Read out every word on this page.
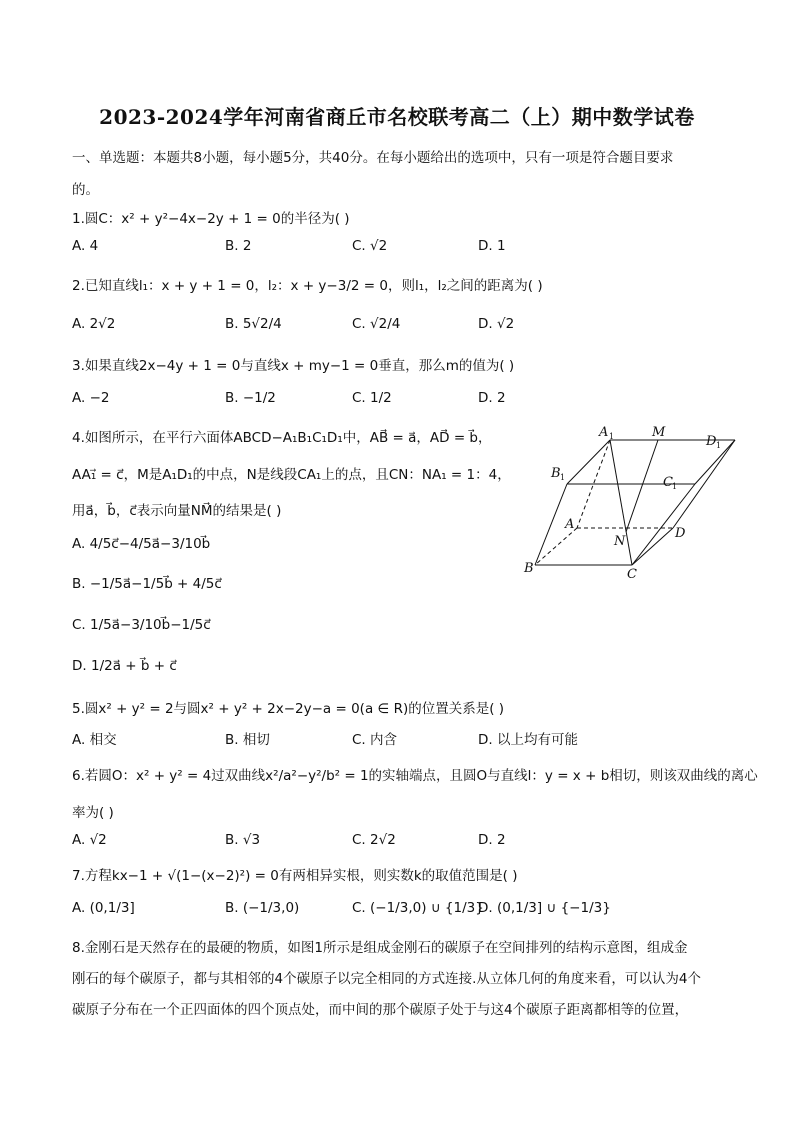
2023-2024学年河南省商丘市名校联考高二（上）期中数学试卷
一、单选题：本题共8小题，每小题5分，共40分。在每小题给出的选项中，只有一项是符合题目要求
的。
1.圆C：x² + y²−4x−2y + 1 = 0的半径为( )
A. 4	B. 2	C. √2	D. 1
2.已知直线l₁：x + y + 1 = 0，l₂：x + y−3/2 = 0，则l₁，l₂之间的距离为( )
A. 2√2	B. 5√2/4	C. √2/4	D. √2
3.如果直线2x−4y + 1 = 0与直线x + my−1 = 0垂直，那么m的值为( )
A. −2	B. −1/2	C. 1/2	D. 2
4.如图所示，在平行六面体ABCD−A₁B₁C₁D₁中，AB⃗ = a⃗，AD⃗ = b⃗，
AA₁⃗ = c⃗，M是A₁D₁的中点，N是线段CA₁上的点，且CN：NA₁ = 1：4，
用a⃗，b⃗，c⃗表示向量NM⃗的结果是( )
A. 4/5c⃗−4/5a⃗−3/10b⃗
B. −1/5a⃗−1/5b⃗ + 4/5c⃗
C. 1/5a⃗−3/10b⃗−1/5c⃗
D. 1/2a⃗ + b⃗ + c⃗
A 1	M
D 1
B 1	C 1
A
D
N
B	C
5.圆x² + y² = 2与圆x² + y² + 2x−2y−a = 0(a ∈ R)的位置关系是( )
A. 相交	B. 相切	C. 内含	D. 以上均有可能
6.若圆O：x² + y² = 4过双曲线x²/a²−y²/b² = 1的实轴端点，且圆O与直线l：y = x + b相切，则该双曲线的离心
率为( )
A. √2	B. √3	C. 2√2	D. 2
7.方程kx−1 + √(1−(x−2)²) = 0有两相异实根，则实数k的取值范围是( )
A. (0,1/3]	B. (−1/3,0)	C. (−1/3,0) ∪ {1/3}
D. (0,1/3] ∪ {−1/3}
8.金刚石是天然存在的最硬的物质，如图1所示是组成金刚石的碳原子在空间排列的结构示意图，组成金
刚石的每个碳原子，都与其相邻的4个碳原子以完全相同的方式连接.从立体几何的角度来看，可以认为4个
碳原子分布在一个正四面体的四个顶点处，而中间的那个碳原子处于与这4个碳原子距离都相等的位置，
